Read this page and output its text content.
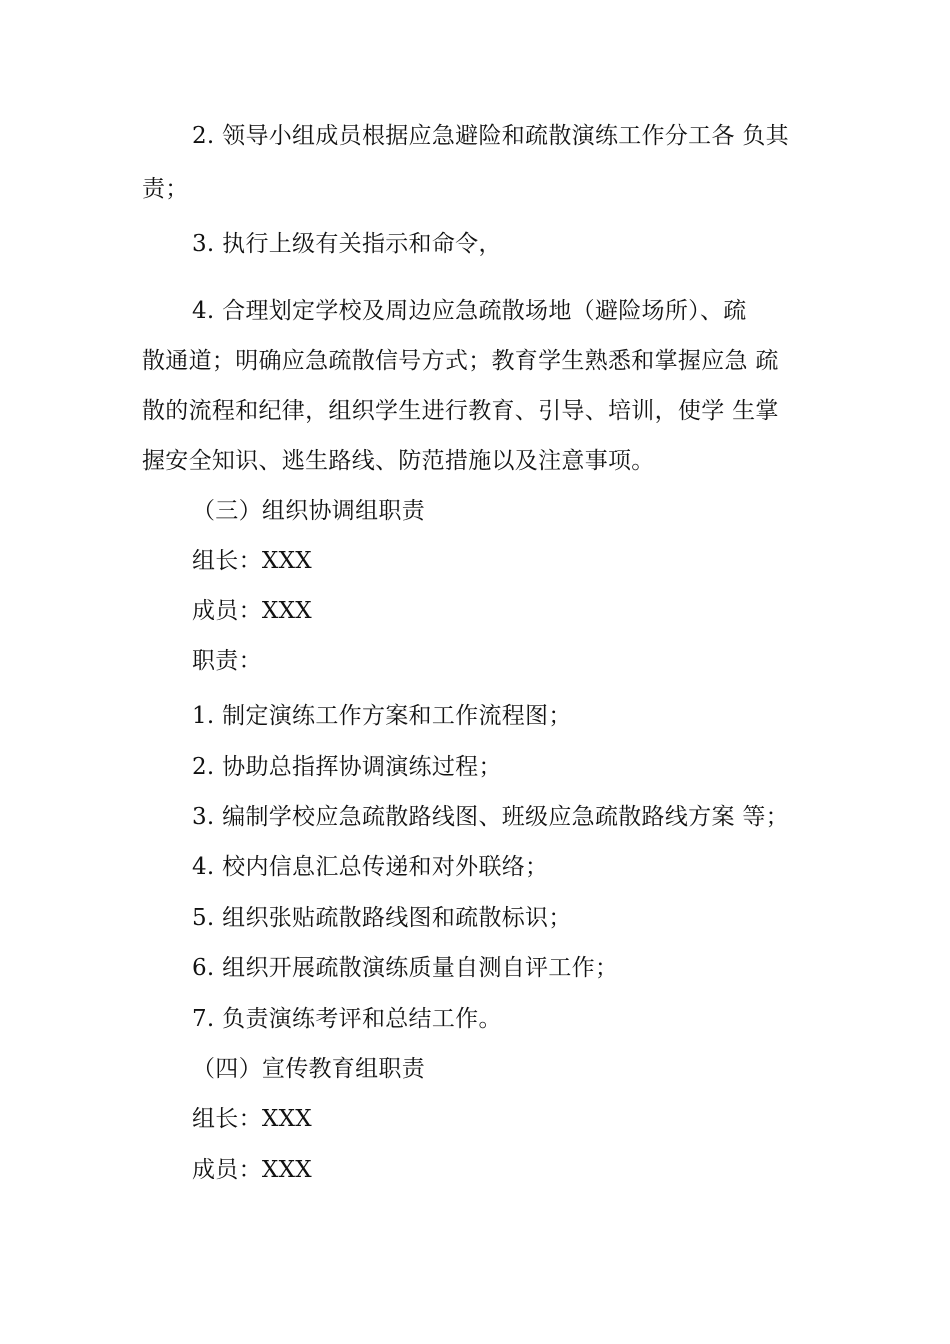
2. 领导小组成员根据应急避险和疏散演练工作分工各 负其
责；
3. 执行上级有关指示和命令，
4. 合理划定学校及周边应急疏散场地（避险场所）、疏
散通道；明确应急疏散信号方式；教育学生熟悉和掌握应急 疏
散的流程和纪律，组织学生进行教育、引导、培训，使学 生掌
握安全知识、逃生路线、防范措施以及注意事项。
（三）组织协调组职责
组长：XXX
成员：XXX
职责：
1. 制定演练工作方案和工作流程图；
2. 协助总指挥协调演练过程；
3. 编制学校应急疏散路线图、班级应急疏散路线方案 等；
4. 校内信息汇总传递和对外联络；
5. 组织张贴疏散路线图和疏散标识；
6. 组织开展疏散演练质量自测自评工作；
7. 负责演练考评和总结工作。
（四）宣传教育组职责
组长：XXX
成员：XXX
